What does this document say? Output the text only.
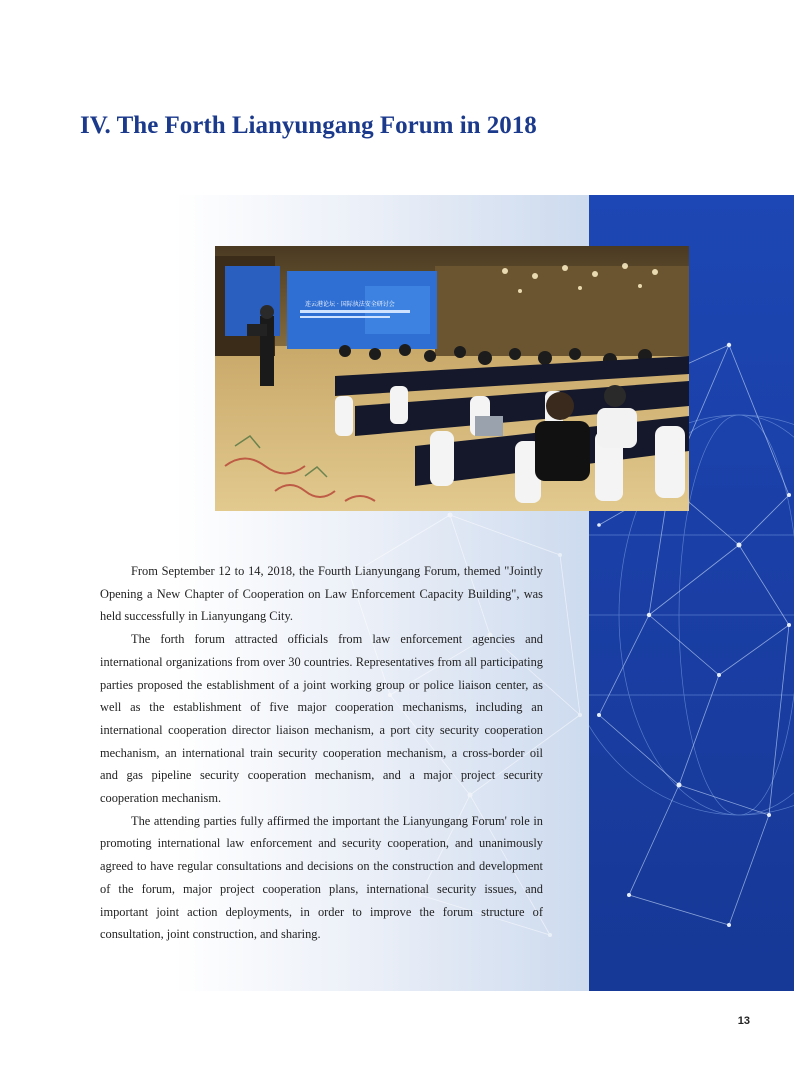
IV. The Forth Lianyungang Forum in 2018
连云港论坛 · 国际执法安全研讨会

From September 12 to 14, 2018, the Fourth Lianyungang Forum, themed "Jointly Opening a New Chapter of Cooperation on Law Enforcement Capacity Building", was held successfully in Lianyungang City.

The forth forum attracted officials from law enforcement agencies and international organizations from over 30 countries. Representatives from all participating parties proposed the establishment of a joint working group or police liaison center, as well as the establishment of five major cooperation mechanisms, including an international cooperation director liaison mechanism, a port city security cooperation mechanism, an international train security cooperation mechanism, a cross-border oil and gas pipeline security cooperation mechanism, and a major project security cooperation mechanism.

The attending parties fully affirmed the important the Lianyungang Forum' role in promoting international law enforcement and security cooperation, and unanimously agreed to have regular consultations and decisions on the construction and development of the forum, major project cooperation plans, international security issues, and important joint action deployments, in order to improve the forum structure of consultation, joint construction, and sharing.

13
